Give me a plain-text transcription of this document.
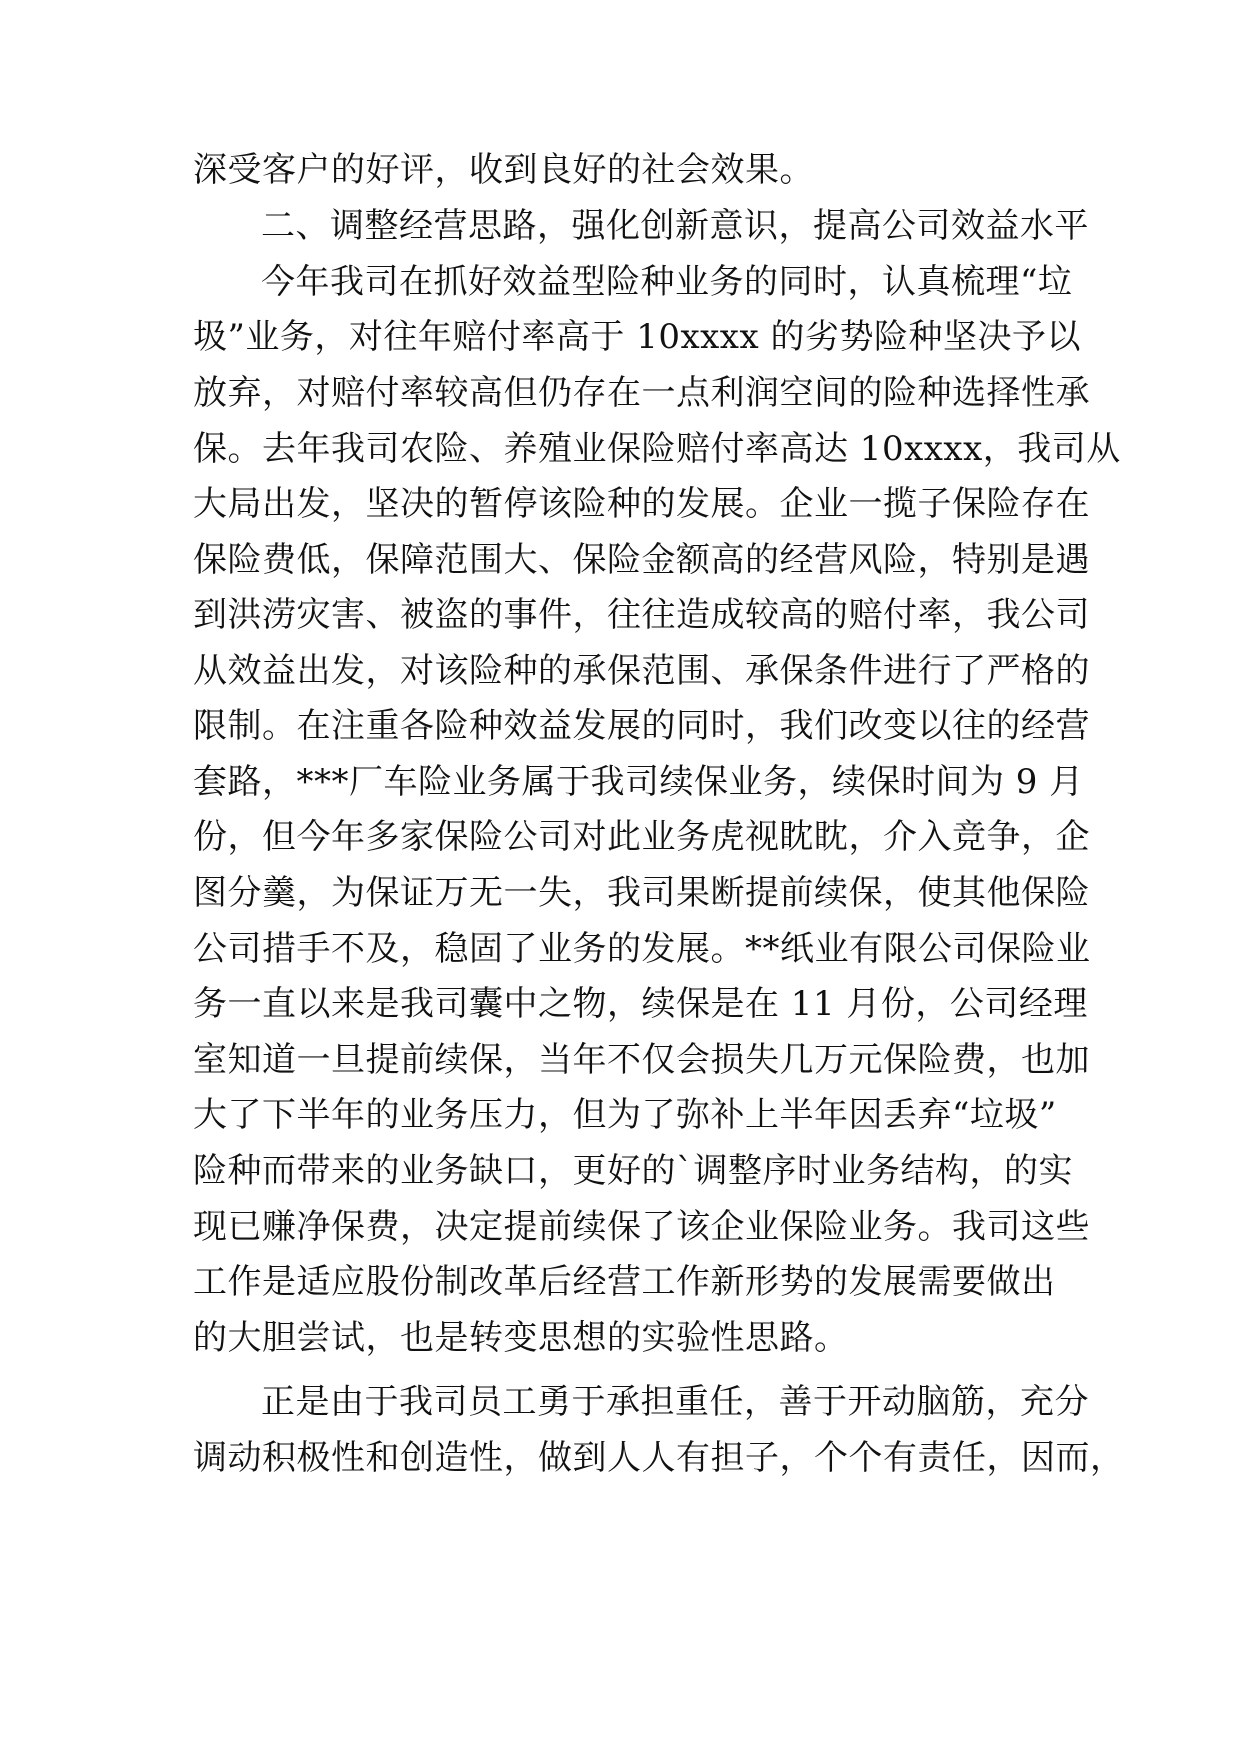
深受客户的好评，收到良好的社会效果。
二、调整经营思路，强化创新意识，提高公司效益水平
今年我司在抓好效益型险种业务的同时，认真梳理“垃
圾”业务，对往年赔付率高于 10xxxx 的劣势险种坚决予以
放弃，对赔付率较高但仍存在一点利润空间的险种选择性承
保。去年我司农险、养殖业保险赔付率高达 10xxxx，我司从
大局出发，坚决的暂停该险种的发展。企业一揽子保险存在
保险费低，保障范围大、保险金额高的经营风险，特别是遇
到洪涝灾害、被盗的事件，往往造成较高的赔付率，我公司
从效益出发，对该险种的承保范围、承保条件进行了严格的
限制。在注重各险种效益发展的同时，我们改变以往的经营
套路，***厂车险业务属于我司续保业务，续保时间为 9 月
份，但今年多家保险公司对此业务虎视眈眈，介入竞争，企
图分羹，为保证万无一失，我司果断提前续保，使其他保险
公司措手不及，稳固了业务的发展。**纸业有限公司保险业
务一直以来是我司囊中之物，续保是在 11 月份，公司经理
室知道一旦提前续保，当年不仅会损失几万元保险费，也加
大了下半年的业务压力，但为了弥补上半年因丢弃“垃圾”
险种而带来的业务缺口，更好的`调整序时业务结构，的实
现已赚净保费，决定提前续保了该企业保险业务。我司这些
工作是适应股份制改革后经营工作新形势的发展需要做出
的大胆尝试，也是转变思想的实验性思路。
正是由于我司员工勇于承担重任，善于开动脑筋，充分
调动积极性和创造性，做到人人有担子，个个有责任，因而，
